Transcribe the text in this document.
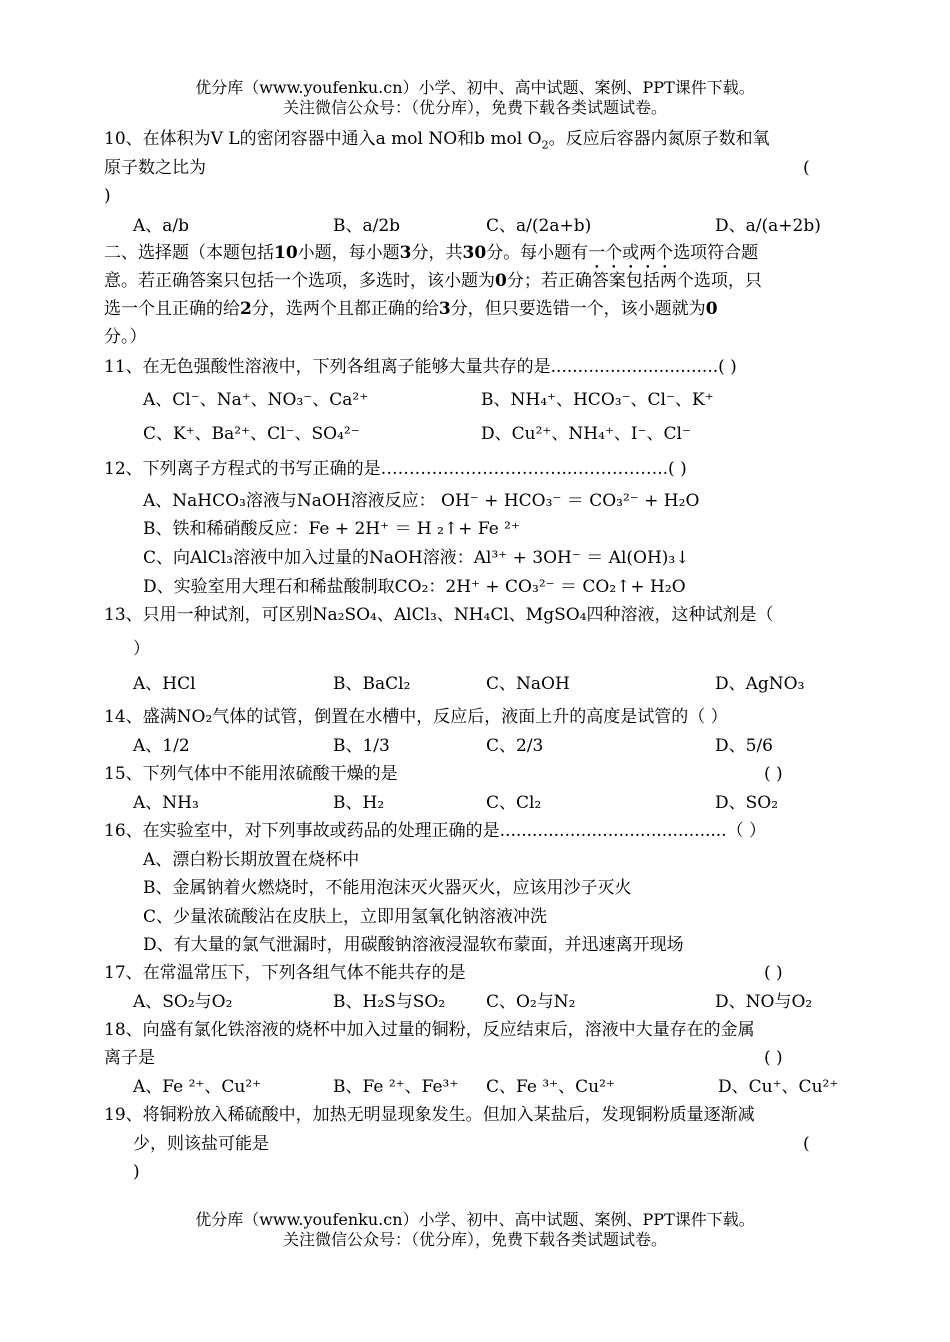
优分库（www.youfenku.cn）小学、初中、高中试题、案例、PPT课件下载。
关注微信公众号：（优分库），免费下载各类试题试卷。
10、在体积为V L的密闭容器中通入a mol NO和b mol $O_2$。反应后容器内氮原子数和氧
原子数之比为	(
)
A、a/b	B、a/2b	C、a/(2a+b)	D、a/(a+2b)
二、选择题（本题包括10小题，每小题3分，共30分。每小题有一个或两个选项符合题
意。若正确答案只包括一个选项，多选时，该小题为0分；若正确答案包括两个选项，只
选一个且正确的给2分，选两个且都正确的给3分，但只要选错一个，该小题就为0
分。）
11、在无色强酸性溶液中，下列各组离子能够大量共存的是...............................( )
A、Cl⁻、Na⁺、NO₃⁻、Ca²⁺	B、NH₄⁺、HCO₃⁻、Cl⁻、K⁺
C、K⁺、Ba²⁺、Cl⁻、SO₄²⁻	D、Cu²⁺、NH₄⁺、I⁻、Cl⁻
12、下列离子方程式的书写正确的是…………..………………..……………..( )
A、NaHCO₃溶液与NaOH溶液反应： OH⁻ + HCO₃⁻ ＝ CO₃²⁻ + H₂O
B、铁和稀硝酸反应：Fe + 2H⁺ ＝ H ₂↑+ Fe ²⁺
C、向AlCl₃溶液中加入过量的NaOH溶液：Al³⁺ + 3OH⁻ ＝ Al(OH)₃↓
D、实验室用大理石和稀盐酸制取CO₂：2H⁺ + CO₃²⁻ ＝ CO₂↑+ H₂O
13、只用一种试剂，可区别Na₂SO₄、AlCl₃、NH₄Cl、MgSO₄四种溶液，这种试剂是（
）
A、HCl	B、BaCl₂	C、NaOH	D、AgNO₃
14、盛满NO₂气体的试管，倒置在水槽中，反应后，液面上升的高度是试管的（ ）
A、1/2	B、1/3	C、2/3	D、5/6
15、下列气体中不能用浓硫酸干燥的是	( )
A、NH₃	B、H₂	C、Cl₂	D、SO₂
16、在实验室中，对下列事故或药品的处理正确的是..........................................（ ）
A、漂白粉长期放置在烧杯中
B、金属钠着火燃烧时，不能用泡沫灭火器灭火，应该用沙子灭火
C、少量浓硫酸沾在皮肤上，立即用氢氧化钠溶液冲洗
D、有大量的氯气泄漏时，用碳酸钠溶液浸湿软布蒙面，并迅速离开现场
17、在常温常压下，下列各组气体不能共存的是	( )
A、SO₂与O₂	B、H₂S与SO₂ C、O₂与N₂	D、NO与O₂
18、向盛有氯化铁溶液的烧杯中加入过量的铜粉，反应结束后，溶液中大量存在的金属
离子是	( )
A、Fe ²⁺、Cu²⁺	B、Fe ²⁺、Fe³⁺ C、Fe ³⁺、Cu²⁺	D、Cu⁺、Cu²⁺
19、将铜粉放入稀硫酸中，加热无明显现象发生。但加入某盐后，发现铜粉质量逐渐减
少，则该盐可能是	(
)
优分库（www.youfenku.cn）小学、初中、高中试题、案例、PPT课件下载。
关注微信公众号：（优分库），免费下载各类试题试卷。
